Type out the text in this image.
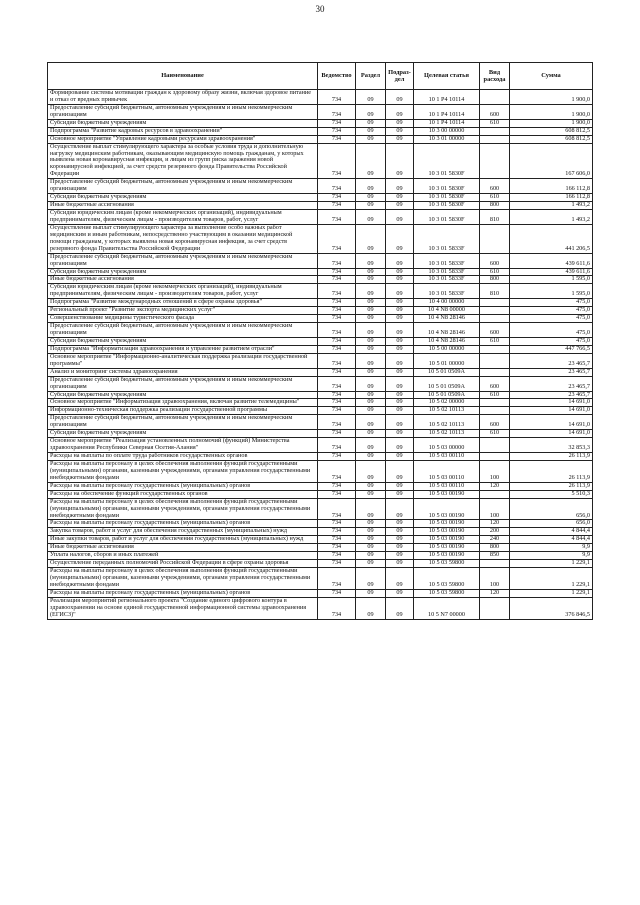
30
Наименование	Ведомство	Раздел	Подраз-дел	Целевая статья	Вид расхода	Сумма
Формирование системы мотивации граждан к здоровому образу жизни, включая здоровое питание и отказ от вредных привычек	734	09	09	10 1 P4 10114		1 900,0
Предоставление субсидий бюджетным, автономным учреждениям и иным некоммерческим организациям	734	09	09	10 1 P4 10114	600	1 900,0
Субсидии бюджетным учреждениям	734	09	09	10 1 P4 10114	610	1 900,0
Подпрограмма "Развитие кадровых ресурсов в здравоохранении"	734	09	09	10 3 00 00000		608 812,5
Основное мероприятие "Управление кадровыми ресурсами здравоохранения"	734	09	09	10 3 01 00000		608 812,5
Осуществление выплат стимулирующего характера за особые условия труда и дополнительную нагрузку медицинским работникам, оказывающим медицинскую помощь гражданам, у которых выявлена новая коронавирусная инфекция, и лицам из групп риска заражения новой коронавирусной инфекцией, за счет средств резервного фонда Правительства Российской Федерации	734	09	09	10 3 01 5830F		167 606,0
Предоставление субсидий бюджетным, автономным учреждениям и иным некоммерческим организациям	734	09	09	10 3 01 5830F	600	166 112,8
Субсидии бюджетным учреждениям	734	09	09	10 3 01 5830F	610	166 112,8
Иные бюджетные ассигнования	734	09	09	10 3 01 5830F	800	1 493,2
Субсидии юридическим лицам (кроме некоммерческих организаций), индивидуальным предпринимателям, физическим лицам - производителям товаров, работ, услуг	734	09	09	10 3 01 5830F	810	1 493,2
Осуществление выплат стимулирующего характера за выполнение особо важных работ медицинским и иным работникам, непосредственно участвующим в оказании медицинской помощи гражданам, у которых выявлена новая коронавирусная инфекция, за счет средств резервного фонда Правительства Российской Федерации	734	09	09	10 3 01 5833F		441 206,5
Предоставление субсидий бюджетным, автономным учреждениям и иным некоммерческим организациям	734	09	09	10 3 01 5833F	600	439 611,6
Субсидии бюджетным учреждениям	734	09	09	10 3 01 5833F	610	439 611,6
Иные бюджетные ассигнования	734	09	09	10 3 01 5833F	800	1 595,0
Субсидии юридическим лицам (кроме некоммерческих организаций), индивидуальным предпринимателям, физическим лицам - производителям товаров, работ, услуг	734	09	09	10 3 01 5833F	810	1 595,0
Подпрограмма "Развитие международных отношений в сфере охраны здоровья"	734	09	09	10 4 00 00000		475,0
Региональный проект "Развитие экспорта медицинских услуг"	734	09	09	10 4 N8 00000		475,0
Совершенствование медицины туристического фасада	734	09	09	10 4 N8 28146		475,0
Предоставление субсидий бюджетным, автономным учреждениям и иным некоммерческим организациям	734	09	09	10 4 N8 28146	600	475,0
Субсидии бюджетным учреждениям	734	09	09	10 4 N8 28146	610	475,0
Подпрограмма "Информатизация здравоохранения и управление развитием отрасли"	734	09	09	10 5 00 00000		447 766,5
Основное мероприятие "Информационно-аналитическая поддержка реализации государственной программы"	734	09	09	10 5 01 00000		23 465,7
Анализ и мониторинг системы здравоохранения	734	09	09	10 5 01 0509А		23 465,7
Предоставление субсидий бюджетным, автономным учреждениям и иным некоммерческим организациям	734	09	09	10 5 01 0509А	600	23 465,7
Субсидии бюджетным учреждениям	734	09	09	10 5 01 0509А	610	23 465,7
Основное мероприятие "Информатизация здравоохранения, включая развитие телемедицины"	734	09	09	10 5 02 00000		14 691,0
Информационно-техническая поддержка реализации государственной программы	734	09	09	10 5 02 10113		14 691,0
Предоставление субсидий бюджетным, автономным учреждениям и иным некоммерческим организациям	734	09	09	10 5 02 10113	600	14 691,0
Субсидии бюджетным учреждениям	734	09	09	10 5 02 10113	610	14 691,0
Основное мероприятие "Реализация установленных полномочий (функций) Министерства здравоохранения Республики Северная Осетия-Алания"	734	09	09	10 5 03 00000		32 853,3
Расходы на выплаты по оплате труда работников государственных органов	734	09	09	10 5 03 00110		26 113,9
Расходы на выплаты персоналу в целях обеспечения выполнения функций государственными (муниципальными) органами, казенными учреждениями, органами управления государственными внебюджетными фондами	734	09	09	10 5 03 00110	100	26 113,9
Расходы на выплаты персоналу государственных (муниципальных) органов	734	09	09	10 5 03 00110	120	26 113,9
Расходы на обеспечение функций государственных органов	734	09	09	10 5 03 00190		5 510,3
Расходы на выплаты персоналу в целях обеспечения выполнения функций государственными (муниципальными) органами, казенными учреждениями, органами управления государственными внебюджетными фондами	734	09	09	10 5 03 00190	100	656,0
Расходы на выплаты персоналу государственных (муниципальных) органов	734	09	09	10 5 03 00190	120	656,0
Закупка товаров, работ и услуг для обеспечения государственных (муниципальных) нужд	734	09	09	10 5 03 00190	200	4 844,4
Иные закупки товаров, работ и услуг для обеспечения государственных (муниципальных) нужд	734	09	09	10 5 03 00190	240	4 844,4
Иные бюджетные ассигнования	734	09	09	10 5 03 00190	800	9,9
Уплата налогов, сборов и иных платежей	734	09	09	10 5 03 00190	850	9,9
Осуществление переданных полномочий Российской Федерации в сфере охраны здоровья	734	09	09	10 5 03 59800		1 229,1
Расходы на выплаты персоналу в целях обеспечения выполнения функций государственными (муниципальными) органами, казенными учреждениями, органами управления государственными внебюджетными фондами	734	09	09	10 5 03 59800	100	1 229,1
Расходы на выплаты персоналу государственных (муниципальных) органов	734	09	09	10 5 03 59800	120	1 229,1
Реализация мероприятий регионального проекта "Создание единого цифрового контура в здравоохранении на основе единой государственной информационной системы здравоохранения (ЕГИСЗ)"	734	09	09	10 5 N7 00000		376 846,5
